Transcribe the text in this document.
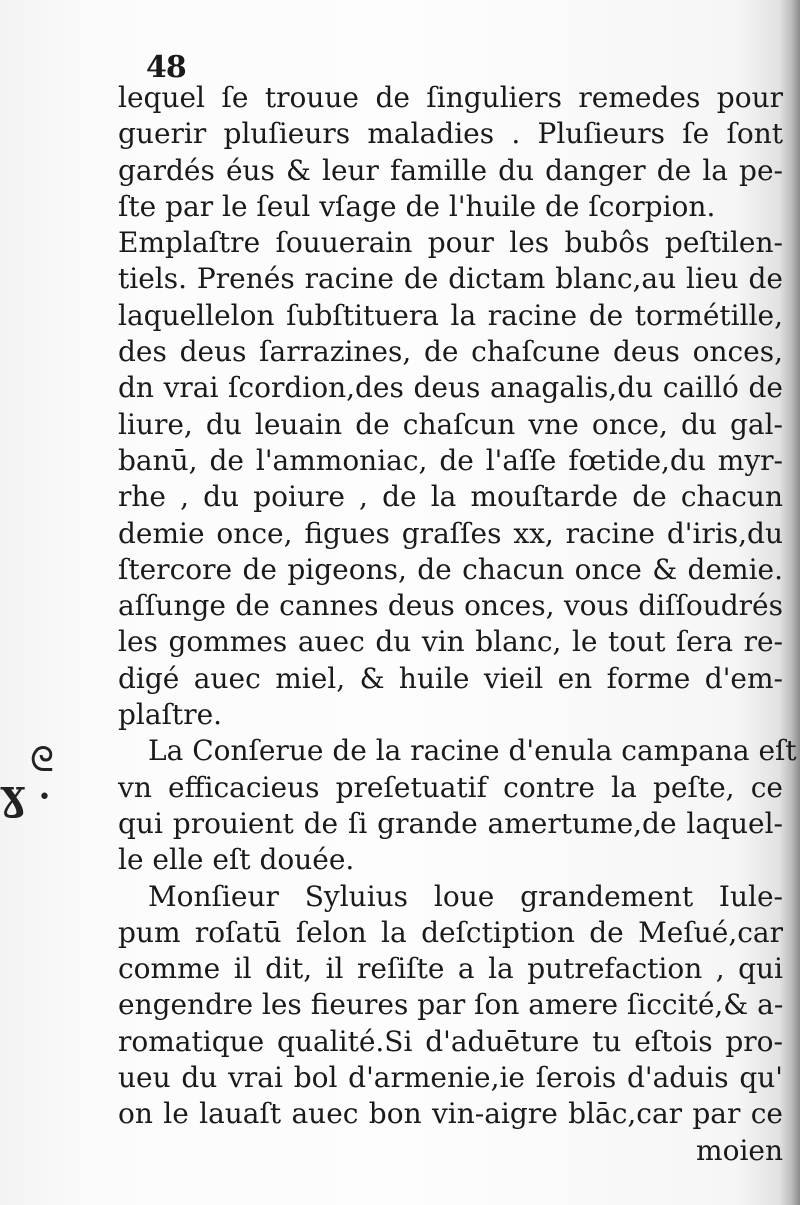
ᘓ
ɣ •
48
lequel ſe trouue de ſinguliers remedes pour
guerir pluſieurs maladies . Pluſieurs ſe ſont
gardés éus & leur famille du danger de la pe-
ſte par le ſeul vſage de l'huile de ſcorpion.
Emplaſtre ſouuerain pour les bubôs peſtilen-
tiels. Prenés racine de dictam blanc,au lieu de
laquellelon ſubſtituera la racine de tormétille,
des deus ſarrazines, de chaſcune deus onces,
dn vrai ſcordion,des deus anagalis,du cailló de
liure, du leuain de chaſcun vne once, du gal-
banū, de l'ammoniac, de l'aſſe fœtide,du myr-
rhe , du poiure , de la mouſtarde de chacun
demie once, figues graſſes xx, racine d'iris,du
ſtercore de pigeons, de chacun once & demie.
aſſunge de cannes deus onces, vous diſſoudrés
les gommes auec du vin blanc, le tout ſera re-
digé auec miel, & huile vieil en forme d'em-
plaſtre.
La Conſerue de la racine d'enula campana eſt
vn efficacieus preſetuatif contre la peſte, ce
qui prouient de ſi grande amertume,de laquel-
le elle eſt douée.
Monſieur Syluius loue grandement Iule-
pum roſatū ſelon la deſctiption de Meſué,car
comme il dit, il reſiſte a la putrefaction , qui
engendre les fieures par ſon amere ſiccité,& a-
romatique qualité.Si d'aduēture tu eſtois pro-
ueu du vrai bol d'armenie,ie ſerois d'aduis qu'
on le lauaſt auec bon vin-aigre blāc,car par ce
moien
